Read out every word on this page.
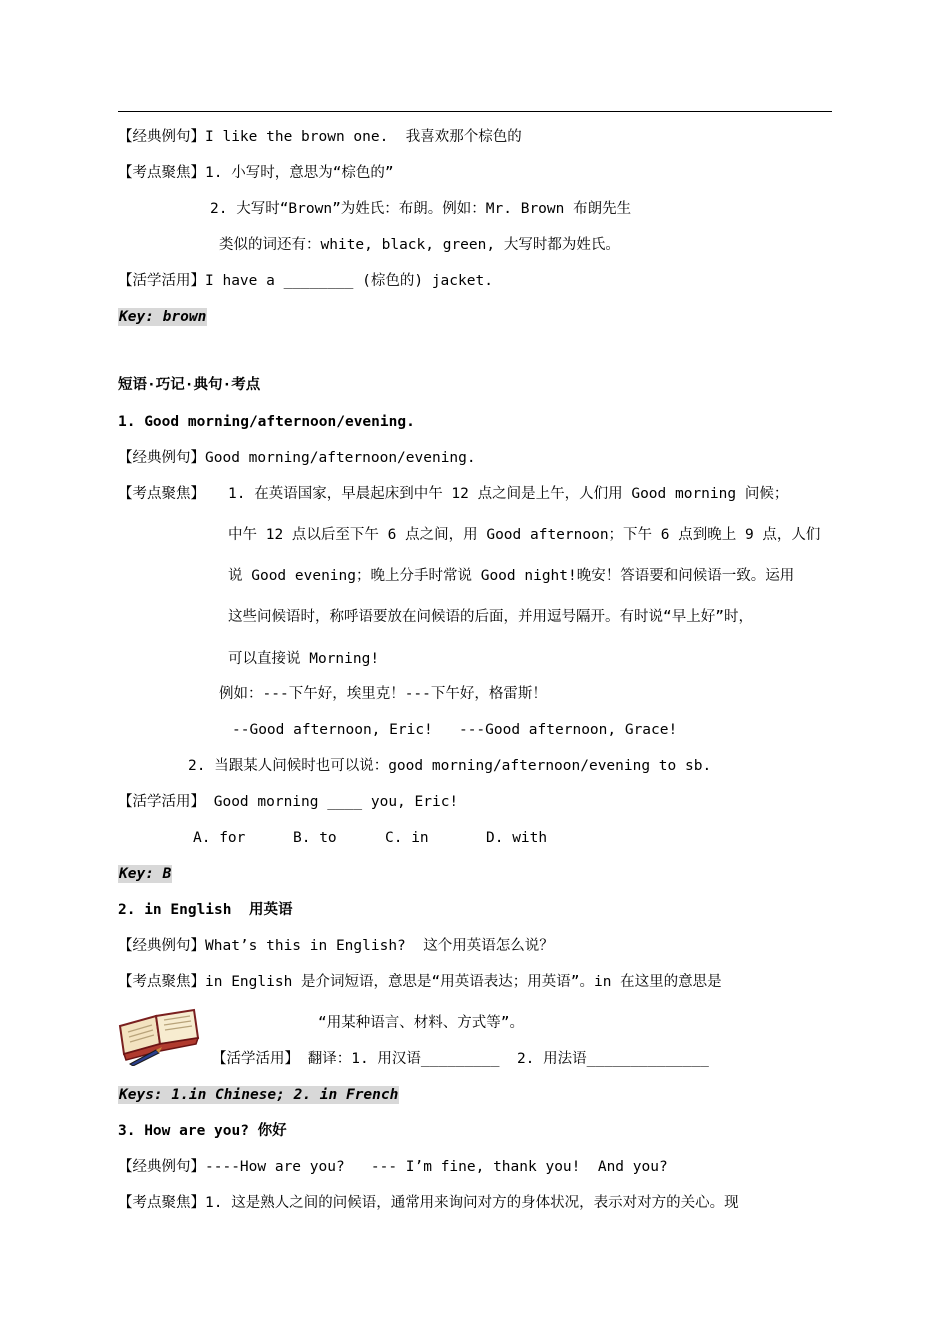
【经典例句】I like the brown one.  我喜欢那个棕色的
【考点聚焦】1. 小写时，意思为“棕色的”
2. 大写时“Brown”为姓氏：布朗。例如：Mr. Brown 布朗先生
类似的词还有：white, black, green, 大写时都为姓氏。
【活学活用】I have a ________ (棕色的) jacket.
Key: brown
短语·巧记·典句·考点
1. Good morning/afternoon/evening.
【经典例句】Good morning/afternoon/evening.
【考点聚焦】 1. 在英语国家，早晨起床到中午 12 点之间是上午，人们用 Good morning 问候；
中午 12 点以后至下午 6 点之间，用 Good afternoon；下午 6 点到晚上 9 点，人们
说 Good evening；晚上分手时常说 Good night!晚安！答语要和问候语一致。运用
这些问候语时，称呼语要放在问候语的后面，并用逗号隔开。有时说“早上好”时，
可以直接说 Morning!
例如：---下午好，埃里克！---下午好，格雷斯！
--Good afternoon, Eric!   ---Good afternoon, Grace!
2. 当跟某人问候时也可以说：good morning/afternoon/evening to sb.
【活学活用】 Good morning ____ you, Eric!
A. for	B. to	C. in	D. with
Key: B
2. in English  用英语
【经典例句】What’s this in English?  这个用英语怎么说？
【考点聚焦】in English 是介词短语，意思是“用英语表达；用英语”。in 在这里的意思是
“用某种语言、材料、方式等”。
【活学活用】 翻译：1. 用汉语_________  2. 用法语______________
Keys: 1.in Chinese; 2. in French
3. How are you? 你好
【经典例句】----How are you?   --- I’m fine, thank you!  And you?
【考点聚焦】1. 这是熟人之间的问候语，通常用来询问对方的身体状况，表示对对方的关心。现
